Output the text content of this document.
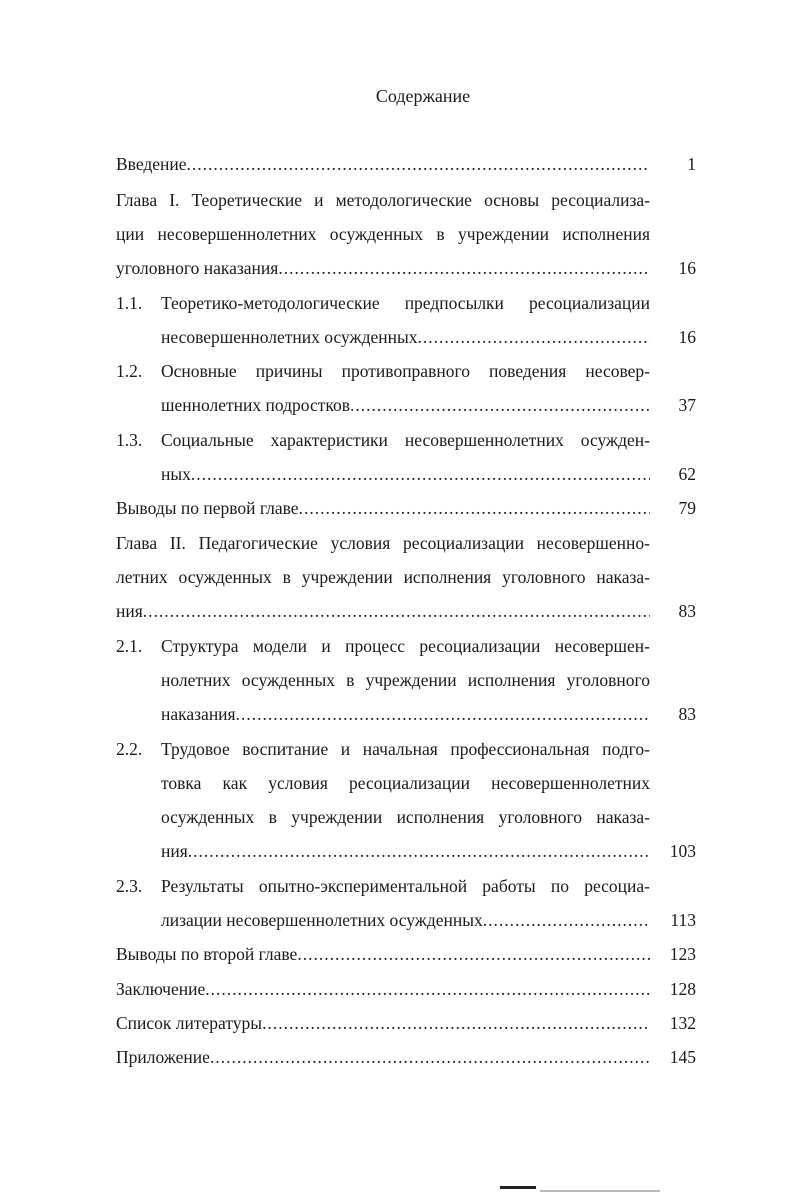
Содержание
Введение .....	1
Глава I. Теоретические и методологические основы ресоциализа-
ции несовершеннолетних осужденных в учреждении исполнения
уголовного наказания .....	16
1.1.	Теоретико-методологические предпосылки ресоциализации
несовершеннолетних осужденных .....	16
1.2.	Основные причины противоправного поведения несовер-
шеннолетних подростков .....	37
1.3.	Социальные характеристики несовершеннолетних осужден-
ных .....	62
Выводы по первой главе .....	79
Глава II. Педагогические условия ресоциализации несовершенно-
летних осужденных в учреждении исполнения уголовного наказа-
ния .....	83
2.1.	Структура модели и процесс ресоциализации несовершен-
нолетних осужденных в учреждении исполнения уголовного
наказания .....	83
2.2.	Трудовое воспитание и начальная профессиональная подго-
товка как условия ресоциализации несовершеннолетних
осужденных в учреждении исполнения уголовного наказа-
ния .....	103
2.3.	Результаты опытно-экспериментальной работы по ресоциа-
лизации несовершеннолетних осужденных .....	113
Выводы по второй главе .....	123
Заключение .....	128
Список литературы .....	132
Приложение .....	145
